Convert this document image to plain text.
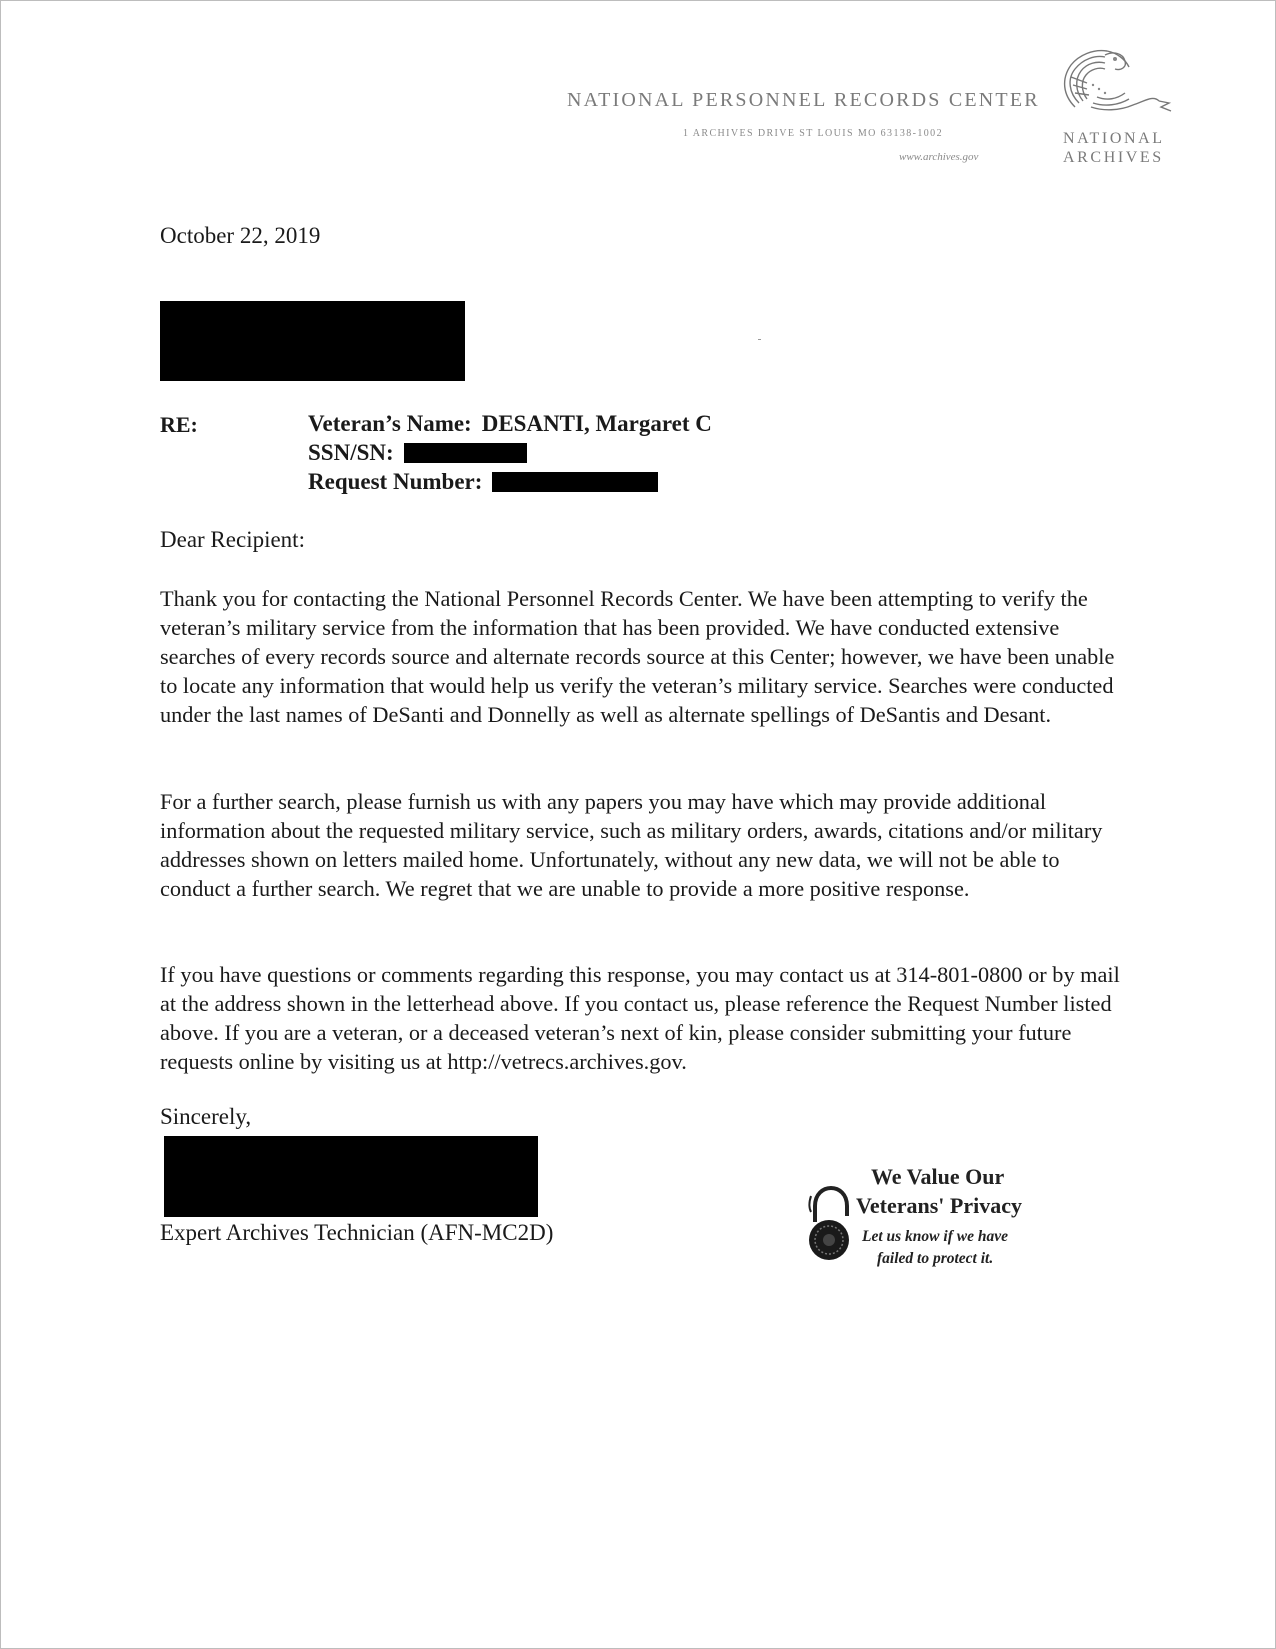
NATIONAL PERSONNEL RECORDS CENTER
1 ARCHIVES DRIVE ST LOUIS MO 63138-1002
www.archives.gov
NATIONAL
ARCHIVES
October 22, 2019
RE:	Veteran’s Name: DESANTI, Margaret C
SSN/SN:
Request Number:
Dear Recipient:
Thank you for contacting the National Personnel Records Center. We have been attempting to verify the veteran’s military service from the information that has been provided. We have conducted extensive searches of every records source and alternate records source at this Center; however, we have been unable to locate any information that would help us verify the veteran’s military service. Searches were conducted under the last names of DeSanti and Donnelly as well as alternate spellings of DeSantis and Desant.
For a further search, please furnish us with any papers you may have which may provide additional information about the requested military service, such as military orders, awards, citations and/or military addresses shown on letters mailed home. Unfortunately, without any new data, we will not be able to conduct a further search. We regret that we are unable to provide a more positive response.
If you have questions or comments regarding this response, you may contact us at 314-801-0800 or by mail at the address shown in the letterhead above. If you contact us, please reference the Request Number listed above. If you are a veteran, or a deceased veteran’s next of kin, please consider submitting your future requests online by visiting us at http://vetrecs.archives.gov.
Sincerely,
Expert Archives Technician (AFN-MC2D)
We Value Our
Veterans' Privacy
Let us know if we have
failed to protect it.
